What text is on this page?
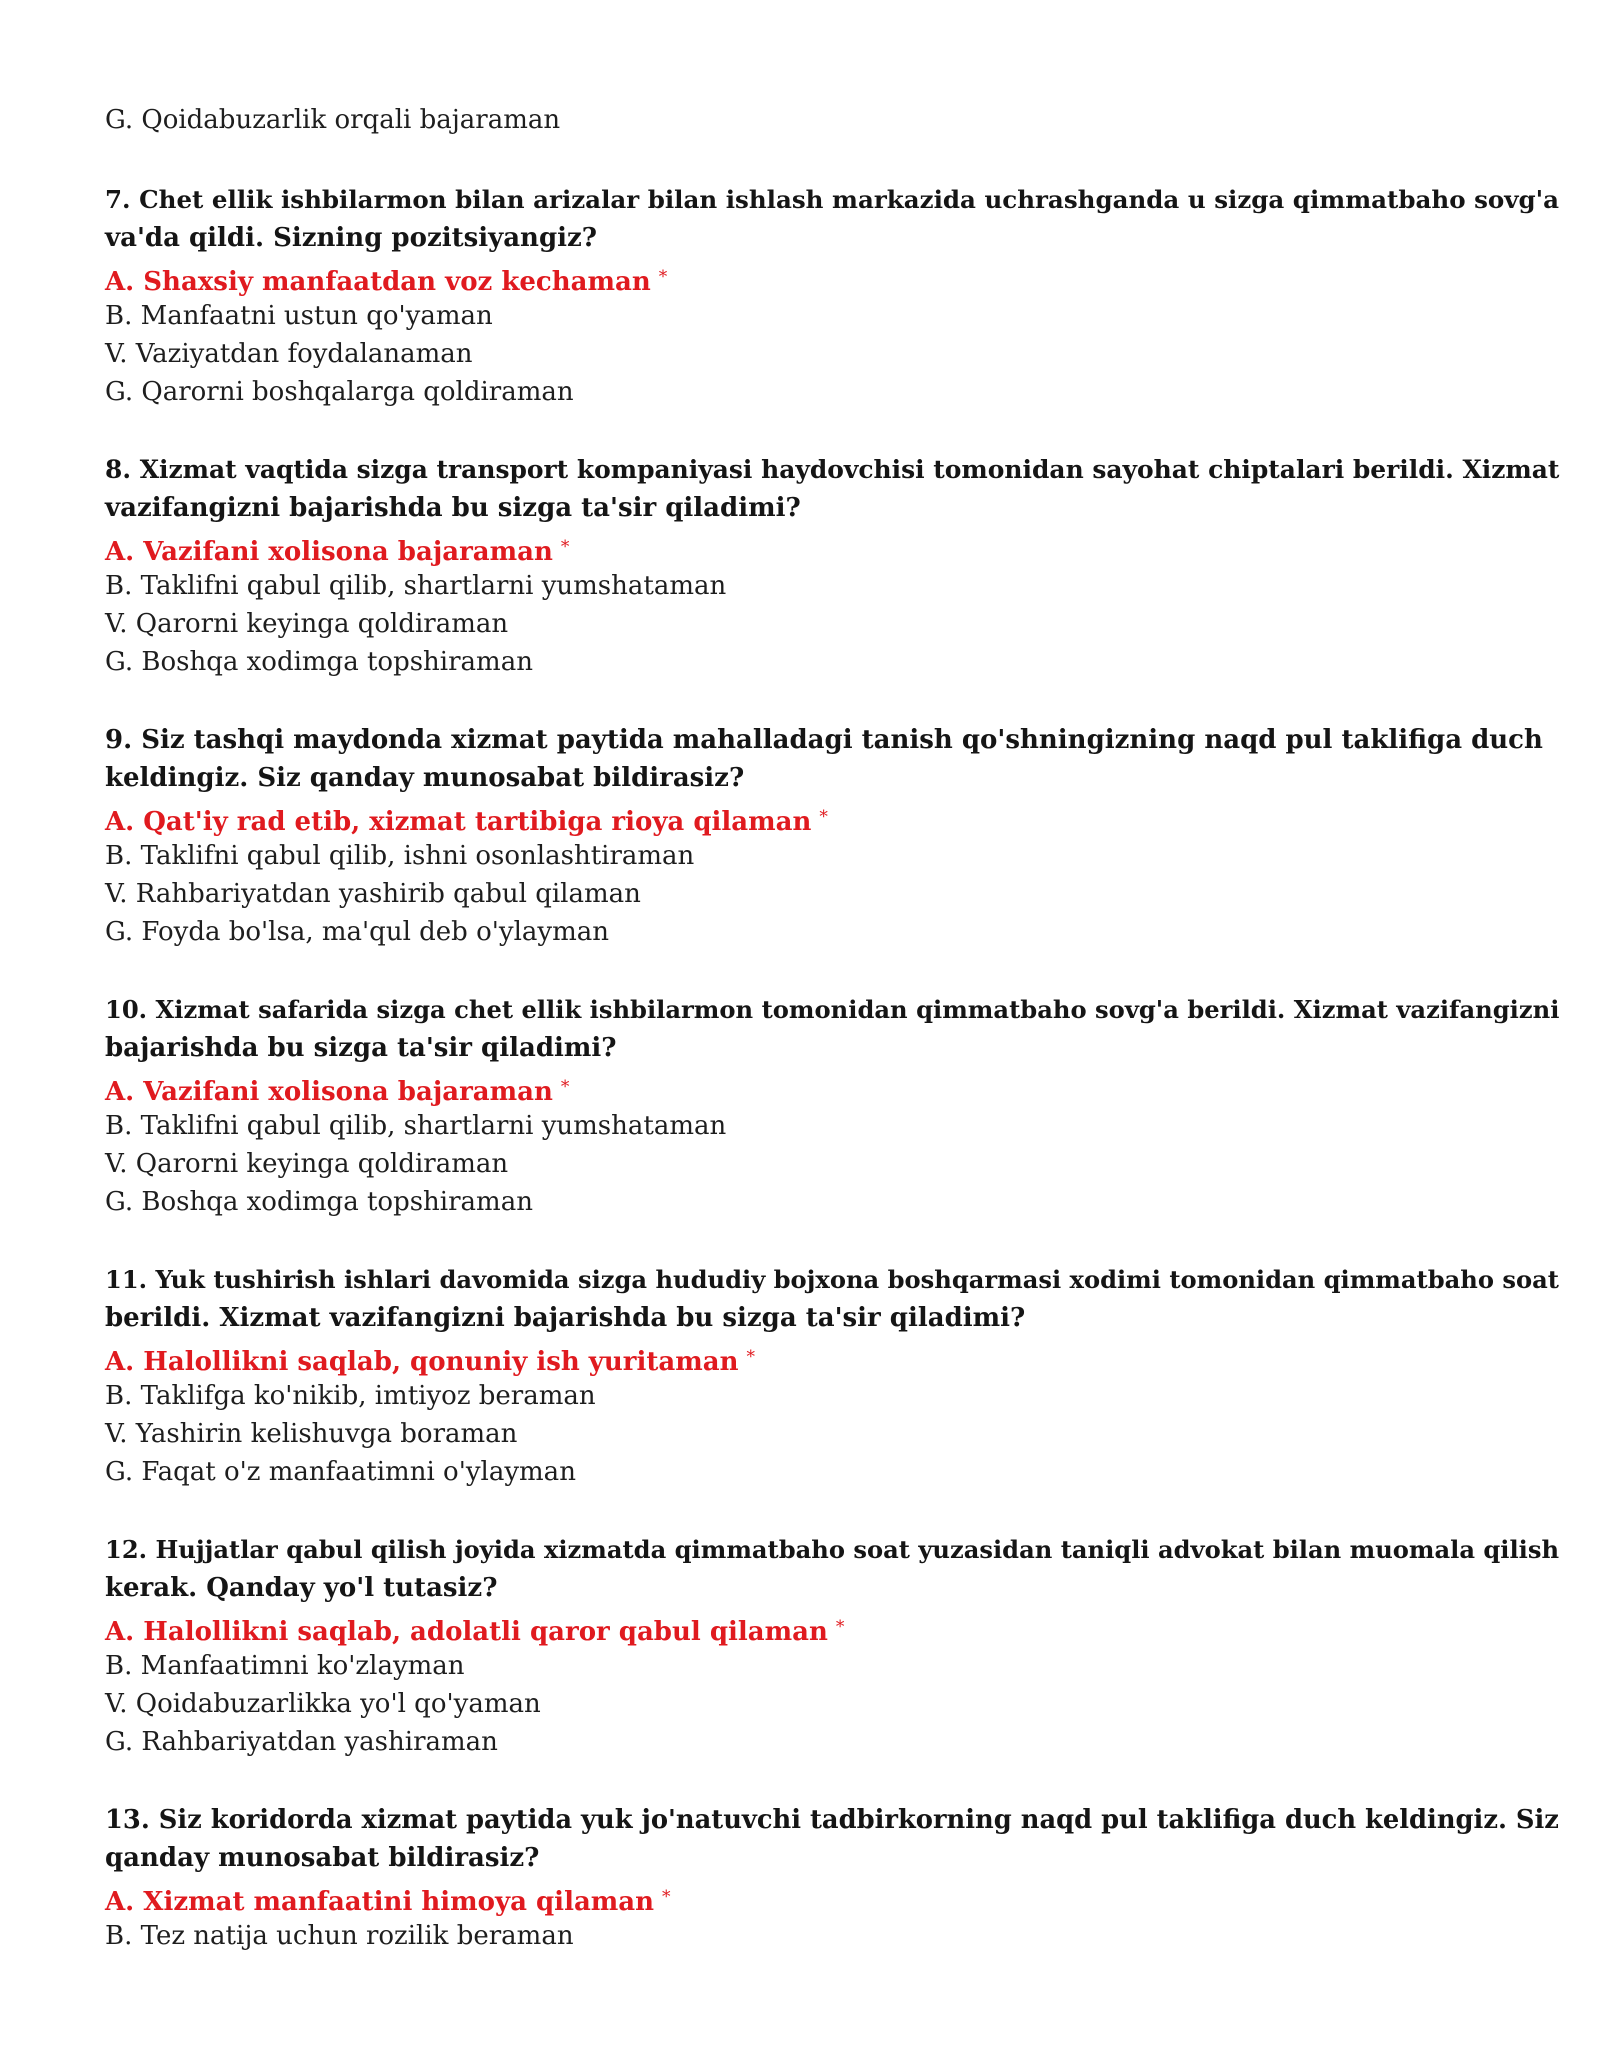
G. Qoidabuzarlik orqali bajaraman
7. Chet ellik ishbilarmon bilan arizalar bilan ishlash markazida uchrashganda u sizga qimmatbaho sovg'a
va'da qildi. Sizning pozitsiyangiz?
A. Shaxsiy manfaatdan voz kechaman *
B. Manfaatni ustun qo'yaman
V. Vaziyatdan foydalanaman
G. Qarorni boshqalarga qoldiraman
8. Xizmat vaqtida sizga transport kompaniyasi haydovchisi tomonidan sayohat chiptalari berildi. Xizmat
vazifangizni bajarishda bu sizga ta'sir qiladimi?
A. Vazifani xolisona bajaraman *
B. Taklifni qabul qilib, shartlarni yumshataman
V. Qarorni keyinga qoldiraman
G. Boshqa xodimga topshiraman
9. Siz tashqi maydonda xizmat paytida mahalladagi tanish qo'shningizning naqd pul taklifiga duch
keldingiz. Siz qanday munosabat bildirasiz?
A. Qat'iy rad etib, xizmat tartibiga rioya qilaman *
B. Taklifni qabul qilib, ishni osonlashtiraman
V. Rahbariyatdan yashirib qabul qilaman
G. Foyda bo'lsa, ma'qul deb o'ylayman
10. Xizmat safarida sizga chet ellik ishbilarmon tomonidan qimmatbaho sovg'a berildi. Xizmat vazifangizni
bajarishda bu sizga ta'sir qiladimi?
A. Vazifani xolisona bajaraman *
B. Taklifni qabul qilib, shartlarni yumshataman
V. Qarorni keyinga qoldiraman
G. Boshqa xodimga topshiraman
11. Yuk tushirish ishlari davomida sizga hududiy bojxona boshqarmasi xodimi tomonidan qimmatbaho soat
berildi. Xizmat vazifangizni bajarishda bu sizga ta'sir qiladimi?
A. Halollikni saqlab, qonuniy ish yuritaman *
B. Taklifga ko'nikib, imtiyoz beraman
V. Yashirin kelishuvga boraman
G. Faqat o'z manfaatimni o'ylayman
12. Hujjatlar qabul qilish joyida xizmatda qimmatbaho soat yuzasidan taniqli advokat bilan muomala qilish
kerak. Qanday yo'l tutasiz?
A. Halollikni saqlab, adolatli qaror qabul qilaman *
B. Manfaatimni ko'zlayman
V. Qoidabuzarlikka yo'l qo'yaman
G. Rahbariyatdan yashiraman
13. Siz koridorda xizmat paytida yuk jo'natuvchi tadbirkorning naqd pul taklifiga duch keldingiz. Siz
qanday munosabat bildirasiz?
A. Xizmat manfaatini himoya qilaman *
B. Tez natija uchun rozilik beraman
